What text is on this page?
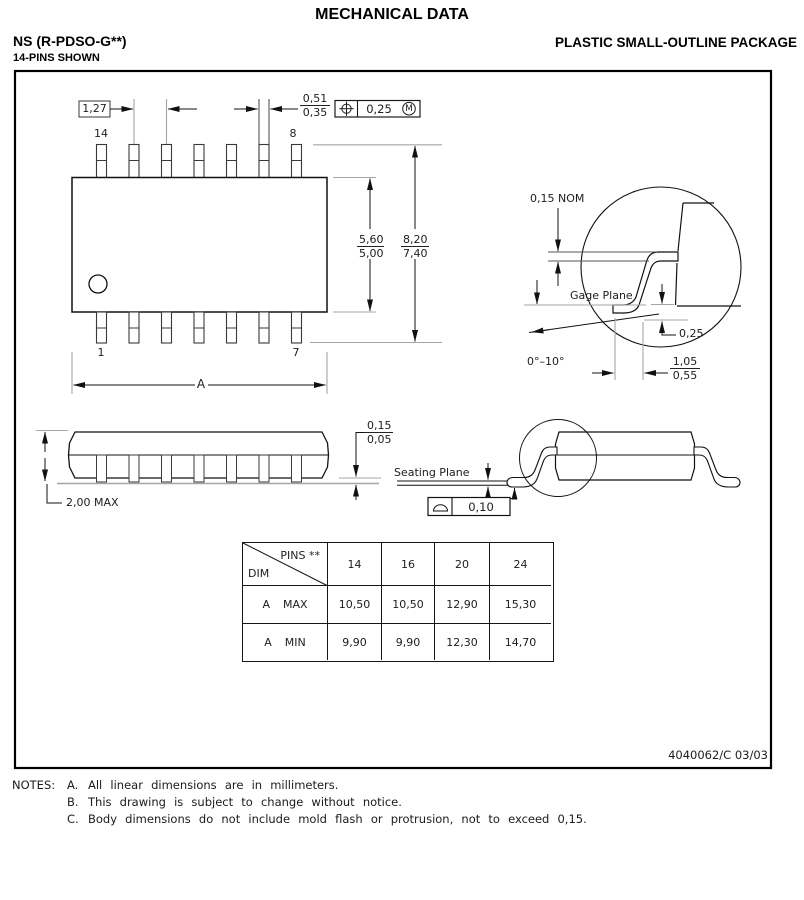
MECHANICAL DATA
NS (R-PDSO-G**)	PLASTIC SMALL-OUTLINE PACKAGE
14-PINS SHOWN
14	8
1	7
1,27	$\frac{0,51}{0,35}$	0,25	M
$\frac{5,60}{5,00} \frac{8,20}{7,40}$
A
0,15 NOM
Gage Plane
0,25
0°–10°	$\frac{1,05}{0,55}$
2,00 MAX
$\frac{0,15}{0,05}$
Seating Plane
0,10
4040062/C 03/03
NOTES: A. All linear dimensions are in millimeters.
B. This drawing is subject to change without notice.
C. Body dimensions do not include mold flash or protrusion, not to exceed 0,15.
PINS **
DIM
14	16	20	24
A MAX	10,50	10,50	12,90	15,30
A MIN	9,90	9,90	12,30	14,70
